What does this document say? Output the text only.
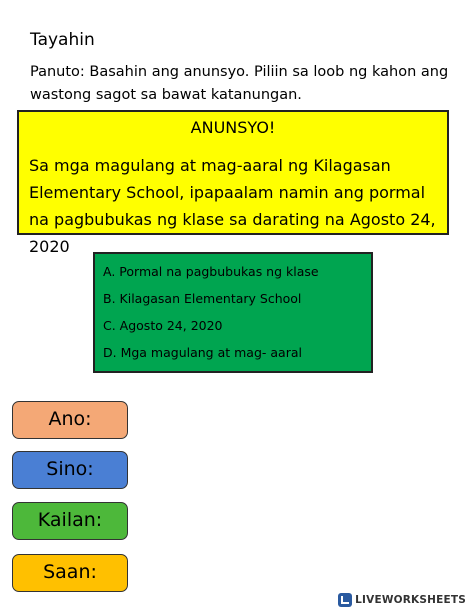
Tayahin
Panuto: Basahin ang anunsyo. Piliin sa loob ng kahon ang wastong sagot sa bawat katanungan.
ANUNSYO!
Sa mga magulang at mag-aaral ng Kilagasan Elementary School, ipapaalam namin ang pormal na pagbubukas ng klase sa darating na Agosto 24, 2020
A. Pormal na pagbubukas ng klase
B. Kilagasan Elementary School
C. Agosto 24, 2020
D. Mga magulang at mag- aaral
Ano:
Sino:
Kailan:
Saan:
LIVEWORKSHEETS
